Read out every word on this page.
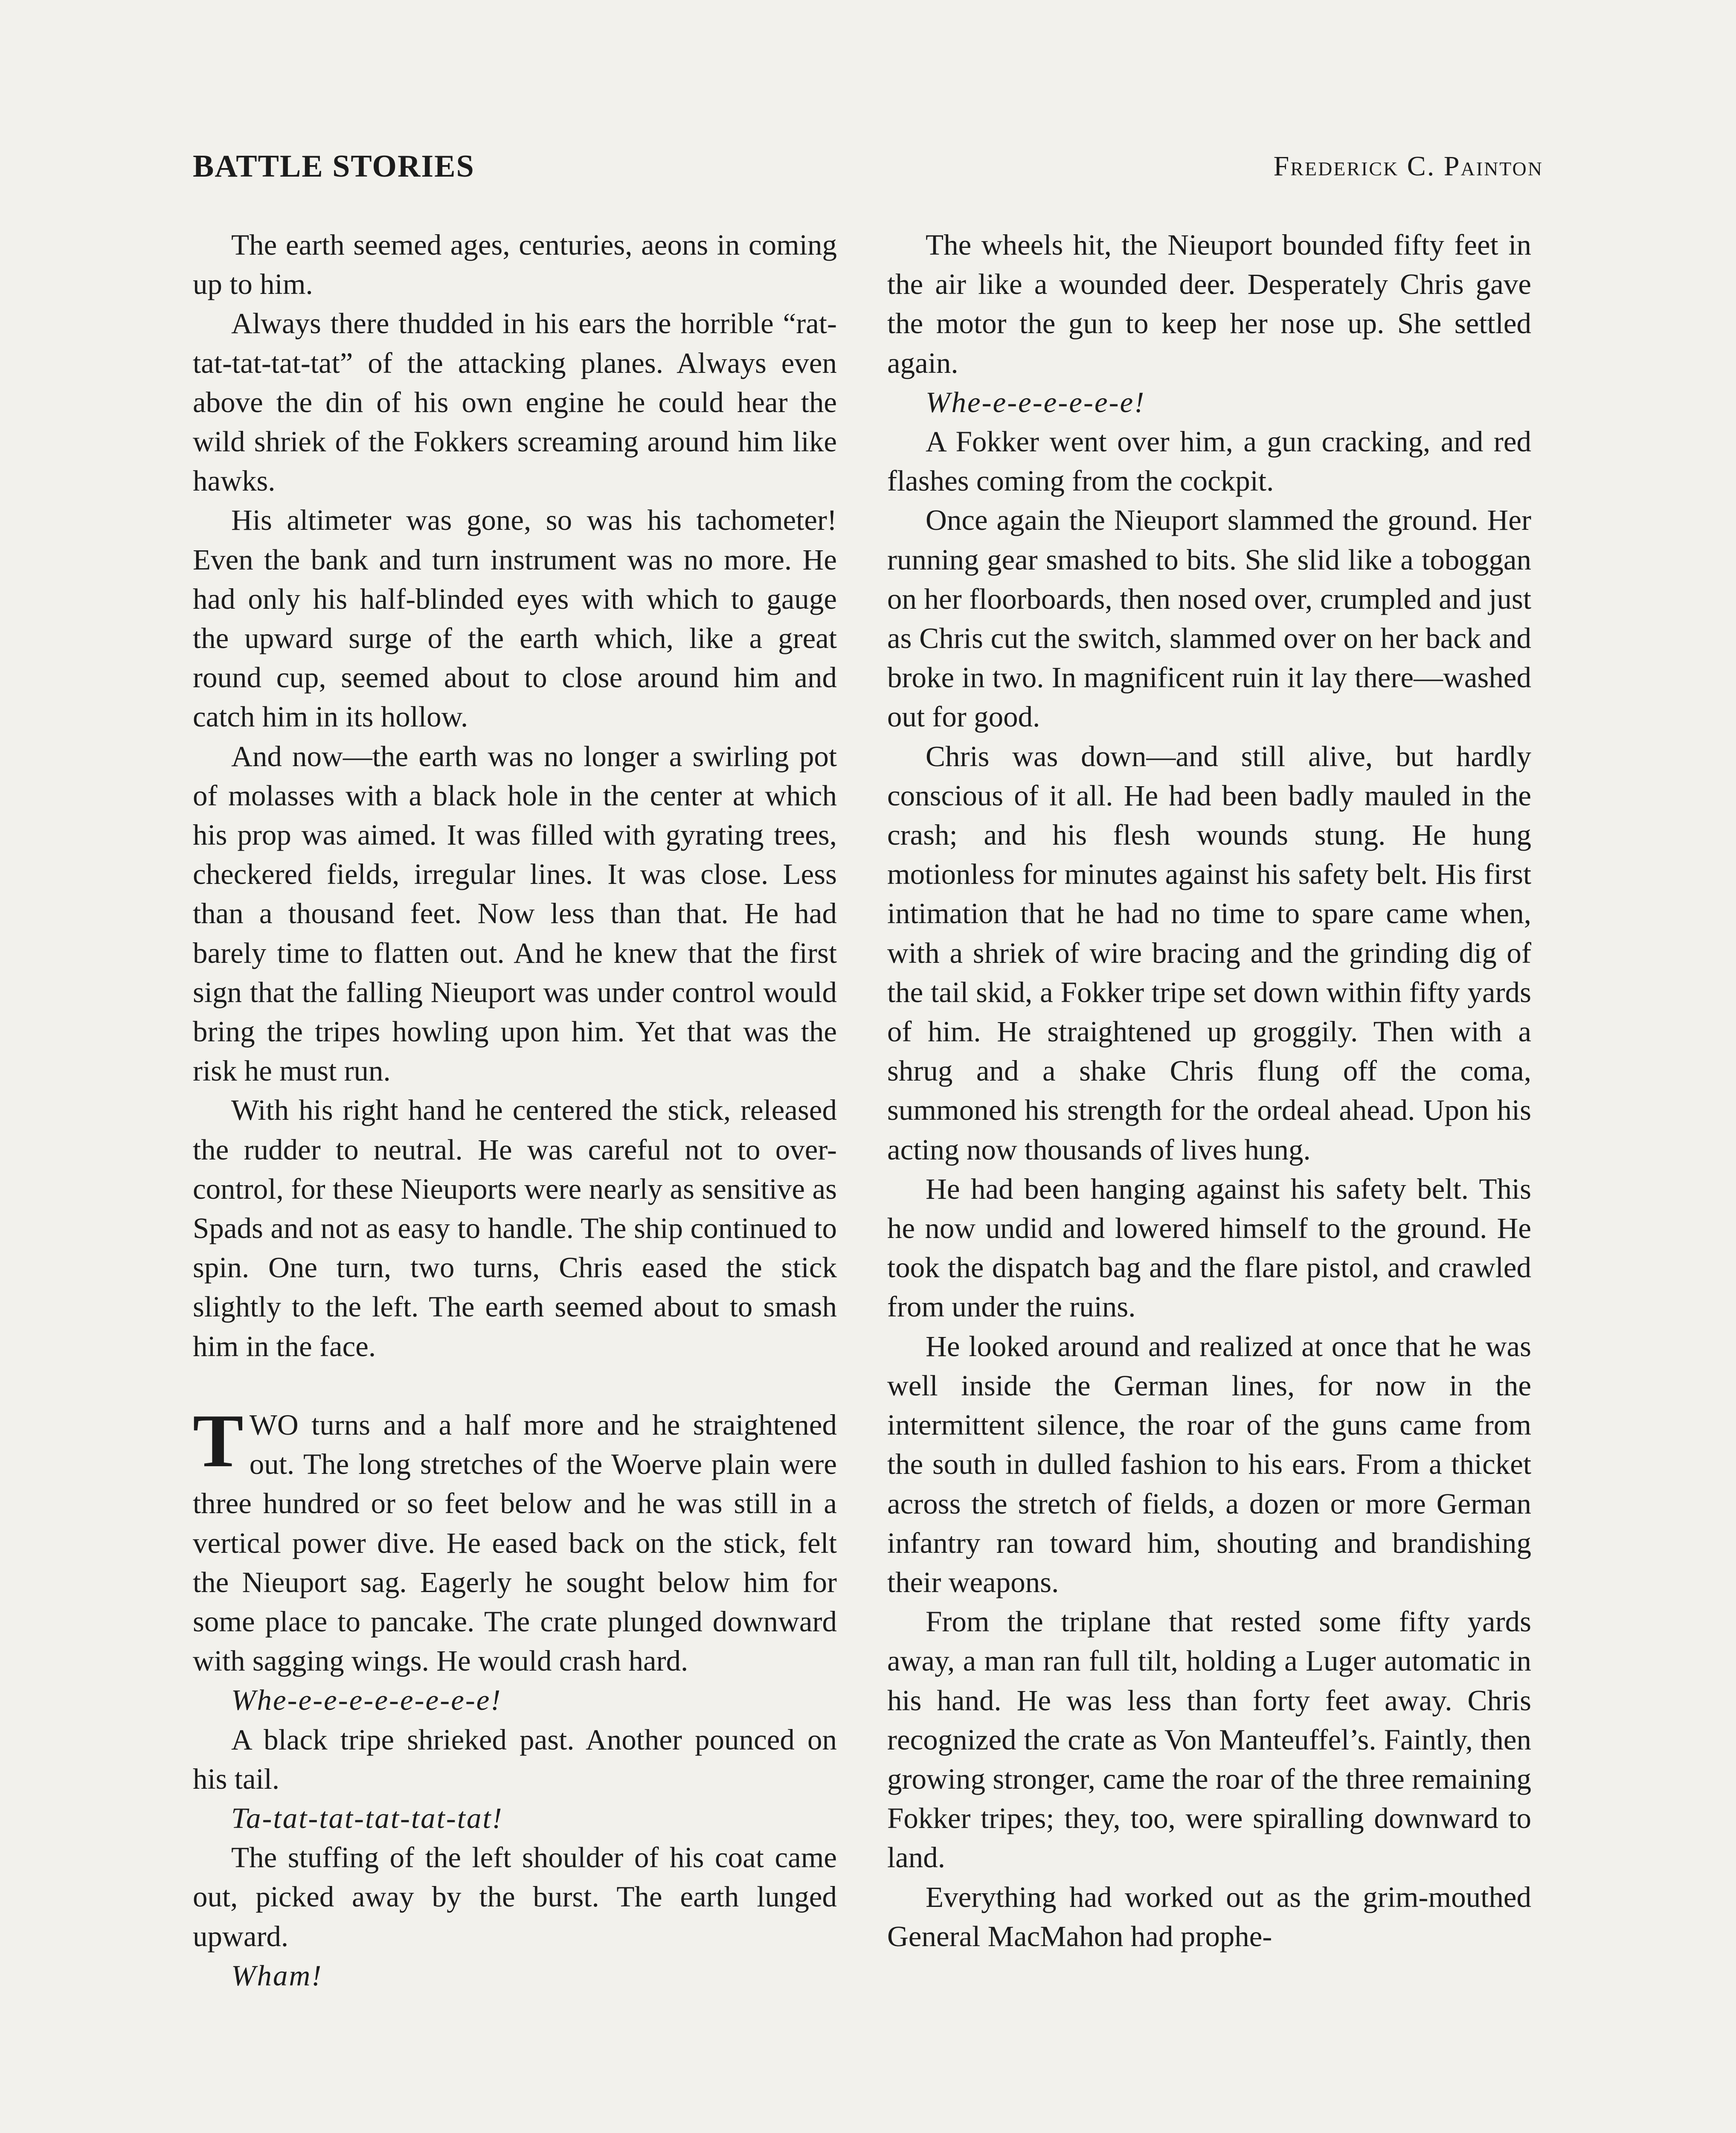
BATTLE STORIES	Frederick C. Painton

The earth seemed ages, centuries, aeons in coming up to him.

Always there thudded in his ears the horrible “rat-tat-tat-tat-tat” of the attacking planes. Always even above the din of his own engine he could hear the wild shriek of the Fokkers screaming around him like hawks.

His altimeter was gone, so was his tachometer! Even the bank and turn instrument was no more. He had only his half-blinded eyes with which to gauge the upward surge of the earth which, like a great round cup, seemed about to close around him and catch him in its hollow.

And now—the earth was no longer a swirling pot of molasses with a black hole in the center at which his prop was aimed. It was filled with gyrating trees, checkered fields, irregular lines. It was close. Less than a thousand feet. Now less than that. He had barely time to flatten out. And he knew that the first sign that the falling Nieuport was under control would bring the tripes howling upon him. Yet that was the risk he must run.

With his right hand he centered the stick, released the rudder to neutral. He was careful not to over-control, for these Nieuports were nearly as sensitive as Spads and not as easy to handle. The ship continued to spin. One turn, two turns, Chris eased the stick slightly to the left. The earth seemed about to smash him in the face.

TWO turns and a half more and he straightened out. The long stretches of the Woerve plain were three hundred or so feet below and he was still in a vertical power dive. He eased back on the stick, felt the Nieuport sag. Eagerly he sought below him for some place to pancake. The crate plunged downward with sagging wings. He would crash hard.

Whe-e-e-e-e-e-e-e-e!

A black tripe shrieked past. Another pounced on his tail.

Ta-tat-tat-tat-tat-tat!

The stuffing of the left shoulder of his coat came out, picked away by the burst. The earth lunged upward.

Wham!

The wheels hit, the Nieuport bounded fifty feet in the air like a wounded deer. Desperately Chris gave the motor the gun to keep her nose up. She settled again.

Whe-e-e-e-e-e-e!

A Fokker went over him, a gun cracking, and red flashes coming from the cockpit.

Once again the Nieuport slammed the ground. Her running gear smashed to bits. She slid like a toboggan on her floorboards, then nosed over, crumpled and just as Chris cut the switch, slammed over on her back and broke in two. In magnificent ruin it lay there—washed out for good.

Chris was down—and still alive, but hardly conscious of it all. He had been badly mauled in the crash; and his flesh wounds stung. He hung motionless for minutes against his safety belt. His first intimation that he had no time to spare came when, with a shriek of wire bracing and the grinding dig of the tail skid, a Fokker tripe set down within fifty yards of him. He straightened up groggily. Then with a shrug and a shake Chris flung off the coma, summoned his strength for the ordeal ahead. Upon his acting now thousands of lives hung.

He had been hanging against his safety belt. This he now undid and lowered himself to the ground. He took the dispatch bag and the flare pistol, and crawled from under the ruins.

He looked around and realized at once that he was well inside the German lines, for now in the intermittent silence, the roar of the guns came from the south in dulled fashion to his ears. From a thicket across the stretch of fields, a dozen or more German infantry ran toward him, shouting and brandishing their weapons.

From the triplane that rested some fifty yards away, a man ran full tilt, holding a Luger automatic in his hand. He was less than forty feet away. Chris recognized the crate as Von Manteuffel’s. Faintly, then growing stronger, came the roar of the three remaining Fokker tripes; they, too, were spiralling downward to land.

Everything had worked out as the grim-mouthed General MacMahon had prophe-
